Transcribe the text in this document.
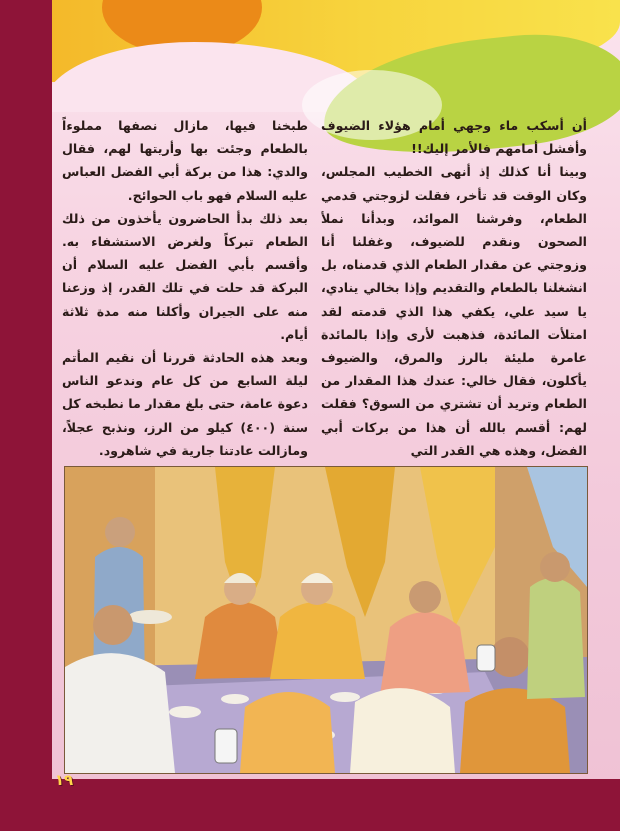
أن أسكب ماء وجهي أمام هؤلاء الضيوف وأفشل أمامهم فالأمر إليك!!

وبينا أنا كذلك إذ أنهى الخطيب المجلس، وكان الوقت قد تأخر، فقلت لزوجتي قدمي الطعام، وفرشنا الموائد، وبدأنا نملأ الصحون ونقدم للضيوف، وغفلنا أنا وزوجتي عن مقدار الطعام الذي قدمناه، بل انشغلنا بالطعام والتقديم وإذا بخالي ينادي، يا سيد علي، يكفي هذا الذي قدمته لقد امتلأت المائدة، فذهبت لأرى وإذا بالمائدة عامرة مليئة بالرز والمرق، والضيوف يأكلون، فقال خالي: عندك هذا المقدار من الطعام وتريد أن تشتري من السوق؟ فقلت لهم: أقسم بالله أن هذا من بركات أبي الفضل، وهذه هي القدر التي

طبخنا فيها، مازال نصفها مملوءاً بالطعام وجئت بها وأريتها لهم، فقال والدي: هذا من بركة أبي الفضل العباس عليه السلام فهو باب الحوائج.

بعد ذلك بدأ الحاضرون يأخذون من ذلك الطعام تبركاً ولغرض الاستشفاء به. وأقسم بأبي الفضل عليه السلام أن البركة قد حلت في تلك القدر، إذ وزعنا منه على الجيران وأكلنا منه مدة ثلاثة أيام.

وبعد هذه الحادثة قررنا أن نقيم المأتم ليلة السابع من كل عام وندعو الناس دعوة عامة، حتى بلغ مقدار ما نطبخه كل سنة (٤٠٠) كيلو من الرز، ونذبح عجلاً، ومازالت عادتنا جارية في شاهرود.

١٩
